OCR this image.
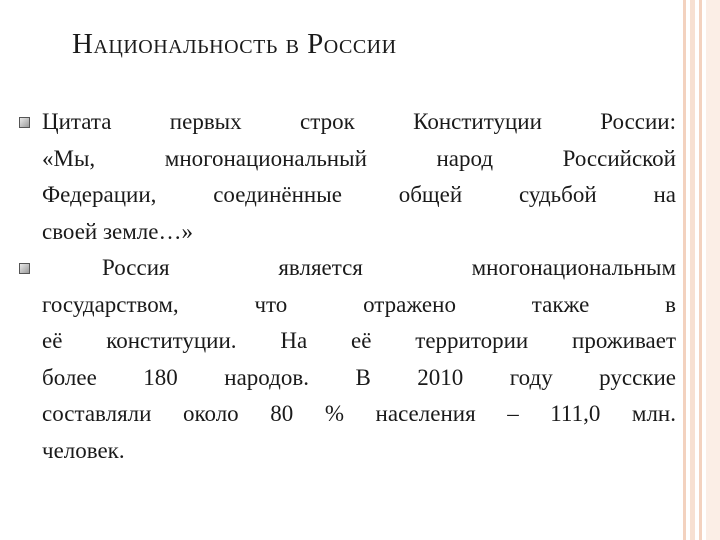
Национальность в России
Цитата первых строк Конституции России:
«Мы, многонациональный народ Российской
Федерации, соединённые общей судьбой на
своей земле…»
Россия является многонациональным
государством, что отражено также в
её конституции. На её территории проживает
более 180 народов. В 2010 году русские
составляли около 80 % населения – 111,0 млн.
человек.
